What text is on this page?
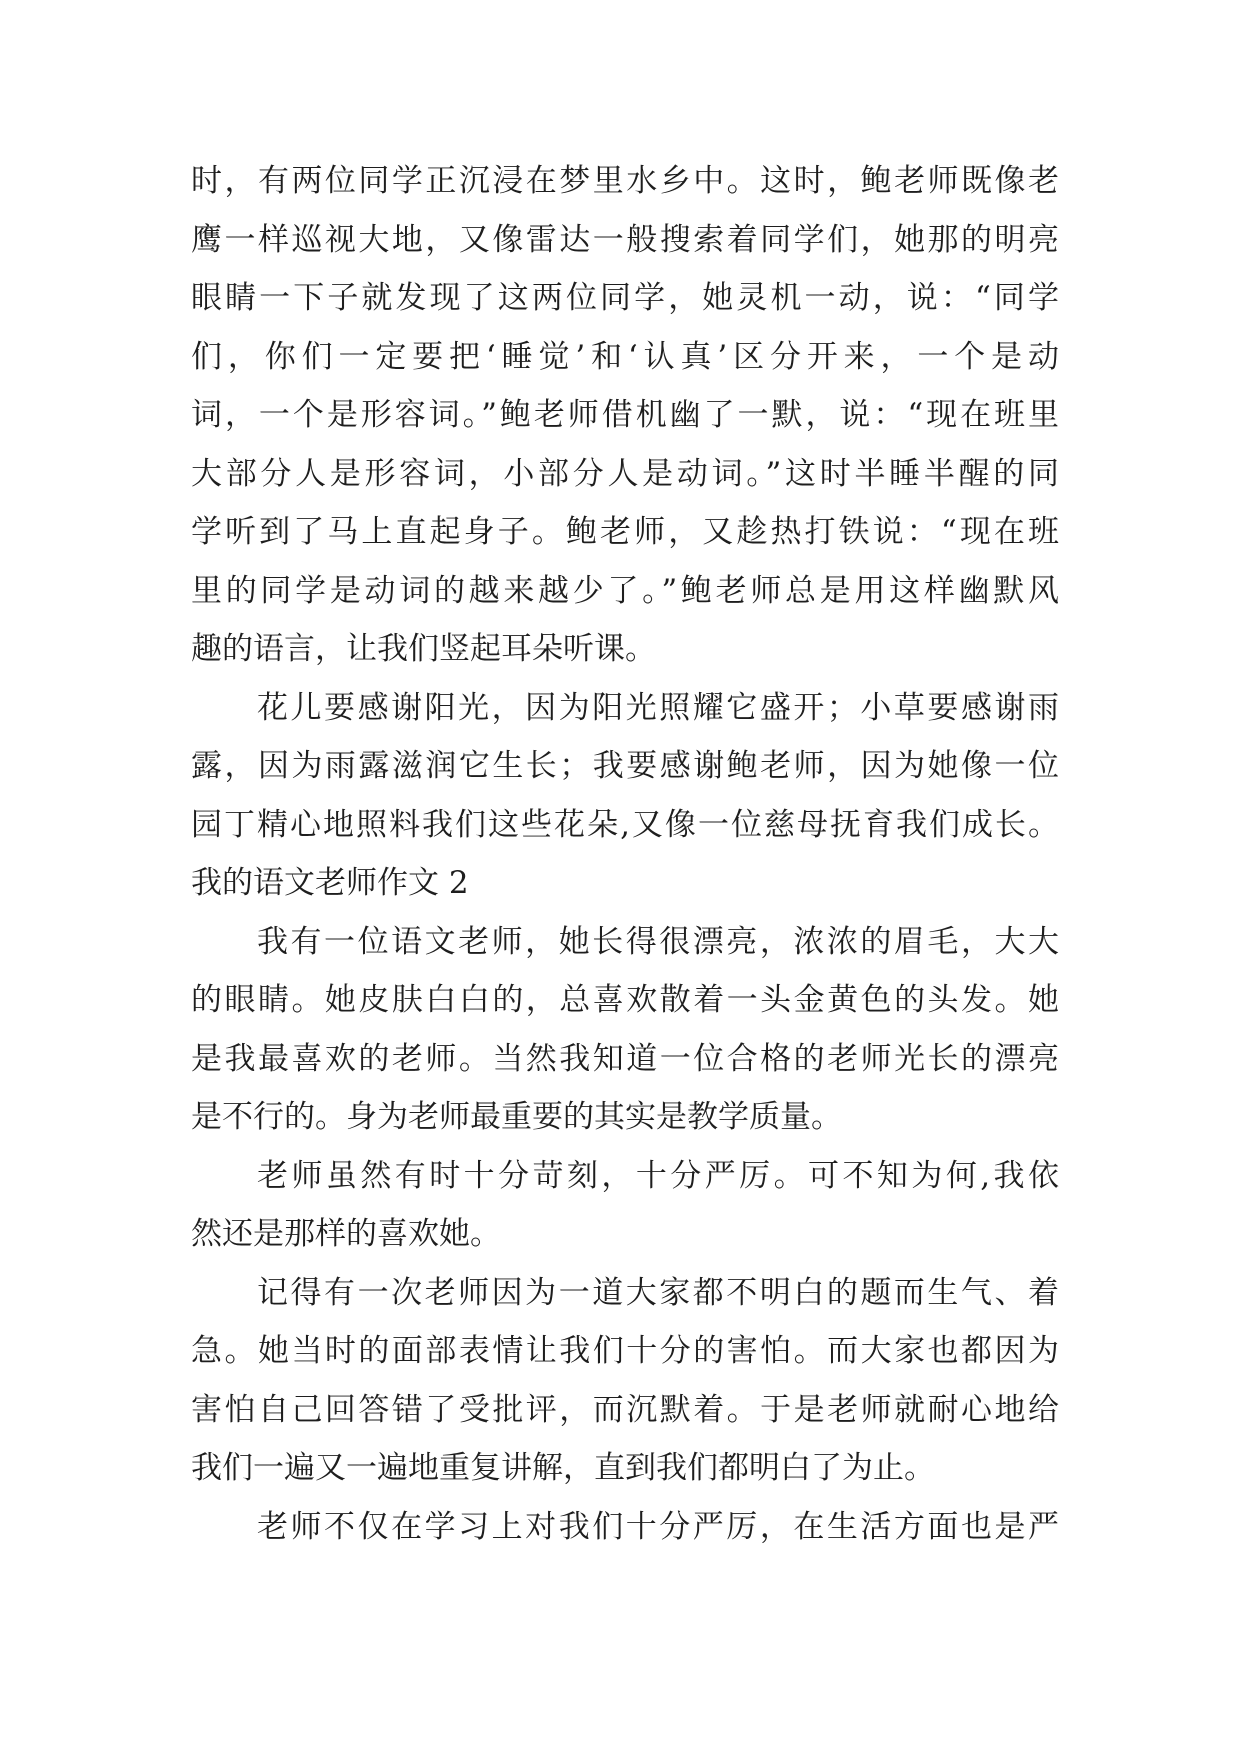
时，有两位同学正沉浸在梦里水乡中。这时，鲍老师既像老
鹰一样巡视大地，又像雷达一般搜索着同学们，她那的明亮
眼睛一下子就发现了这两位同学，她灵机一动，说：“同学
们，你们一定要把‘睡觉’和‘认真’区分开来，一个是动
词，一个是形容词。”鲍老师借机幽了一默，说：“现在班里
大部分人是形容词，小部分人是动词。”这时半睡半醒的同
学听到了马上直起身子。鲍老师，又趁热打铁说：“现在班
里的同学是动词的越来越少了。”鲍老师总是用这样幽默风
趣的语言，让我们竖起耳朵听课。
花儿要感谢阳光，因为阳光照耀它盛开；小草要感谢雨
露，因为雨露滋润它生长；我要感谢鲍老师，因为她像一位
园丁精心地照料我们这些花朵,又像一位慈母抚育我们成长。
我的语文老师作文 2
我有一位语文老师，她长得很漂亮，浓浓的眉毛，大大
的眼睛。她皮肤白白的，总喜欢散着一头金黄色的头发。她
是我最喜欢的老师。当然我知道一位合格的老师光长的漂亮
是不行的。身为老师最重要的其实是教学质量。
老师虽然有时十分苛刻，十分严厉。可不知为何,我依
然还是那样的喜欢她。
记得有一次老师因为一道大家都不明白的题而生气、着
急。她当时的面部表情让我们十分的害怕。而大家也都因为
害怕自己回答错了受批评，而沉默着。于是老师就耐心地给
我们一遍又一遍地重复讲解，直到我们都明白了为止。
老师不仅在学习上对我们十分严厉，在生活方面也是严
